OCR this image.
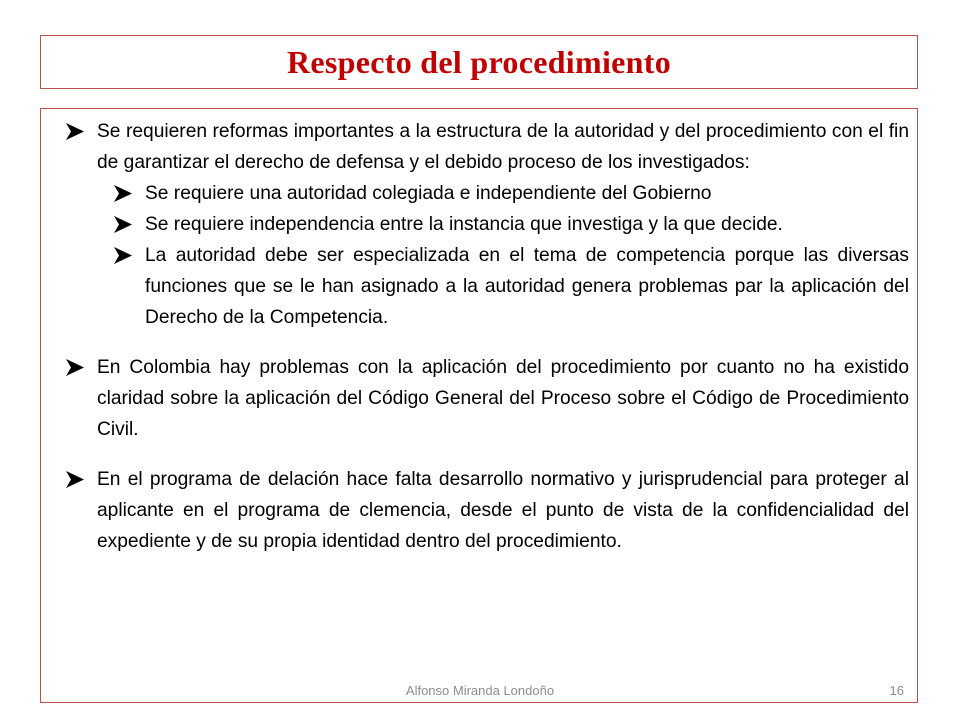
Respecto del procedimiento
Se requieren reformas importantes a la estructura de la autoridad y del procedimiento con el fin de garantizar el derecho de defensa y el debido proceso de los investigados:
Se requiere una autoridad colegiada e independiente del Gobierno
Se requiere independencia entre la instancia que investiga y la que decide.
La autoridad debe ser especializada en el tema de competencia porque las diversas funciones que se le han asignado a la autoridad genera problemas par la aplicación del Derecho de la Competencia.
En Colombia hay problemas con la aplicación del procedimiento por cuanto no ha existido claridad sobre la aplicación del Código General del Proceso sobre el Código de Procedimiento Civil.
En el programa de delación hace falta desarrollo normativo y jurisprudencial para proteger al aplicante en el programa de clemencia, desde el punto de vista de la confidencialidad del expediente y de su propia identidad dentro del procedimiento.
Alfonso Miranda Londoño	16
